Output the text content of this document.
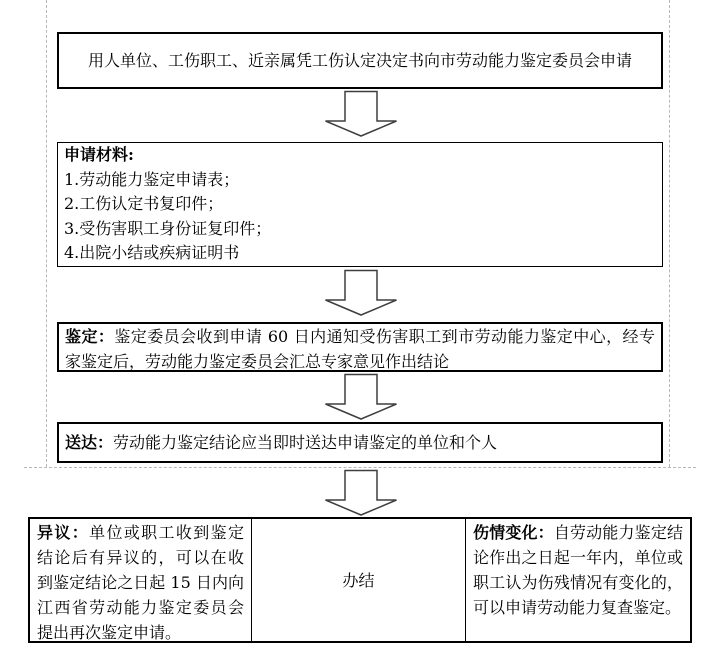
用人单位、工伤职工、近亲属凭工伤认定决定书向市劳动能力鉴定委员会申请

申请材料:
1.劳动能力鉴定申请表；
2.工伤认定书复印件；
3.受伤害职工身份证复印件；
4.出院小结或疾病证明书

鉴定：鉴定委员会收到申请 60 日内通知受伤害职工到市劳动能力鉴定中心，经专家鉴定后，劳动能力鉴定委员会汇总专家意见作出结论

送达：劳动能力鉴定结论应当即时送达申请鉴定的单位和个人

异议：单位或职工收到鉴定结论后有异议的，可以在收到鉴定结论之日起 15 日内向江西省劳动能力鉴定委员会提出再次鉴定申请。

办结

伤情变化：自劳动能力鉴定结论作出之日起一年内，单位或职工认为伤残情况有变化的，可以申请劳动能力复查鉴定。
